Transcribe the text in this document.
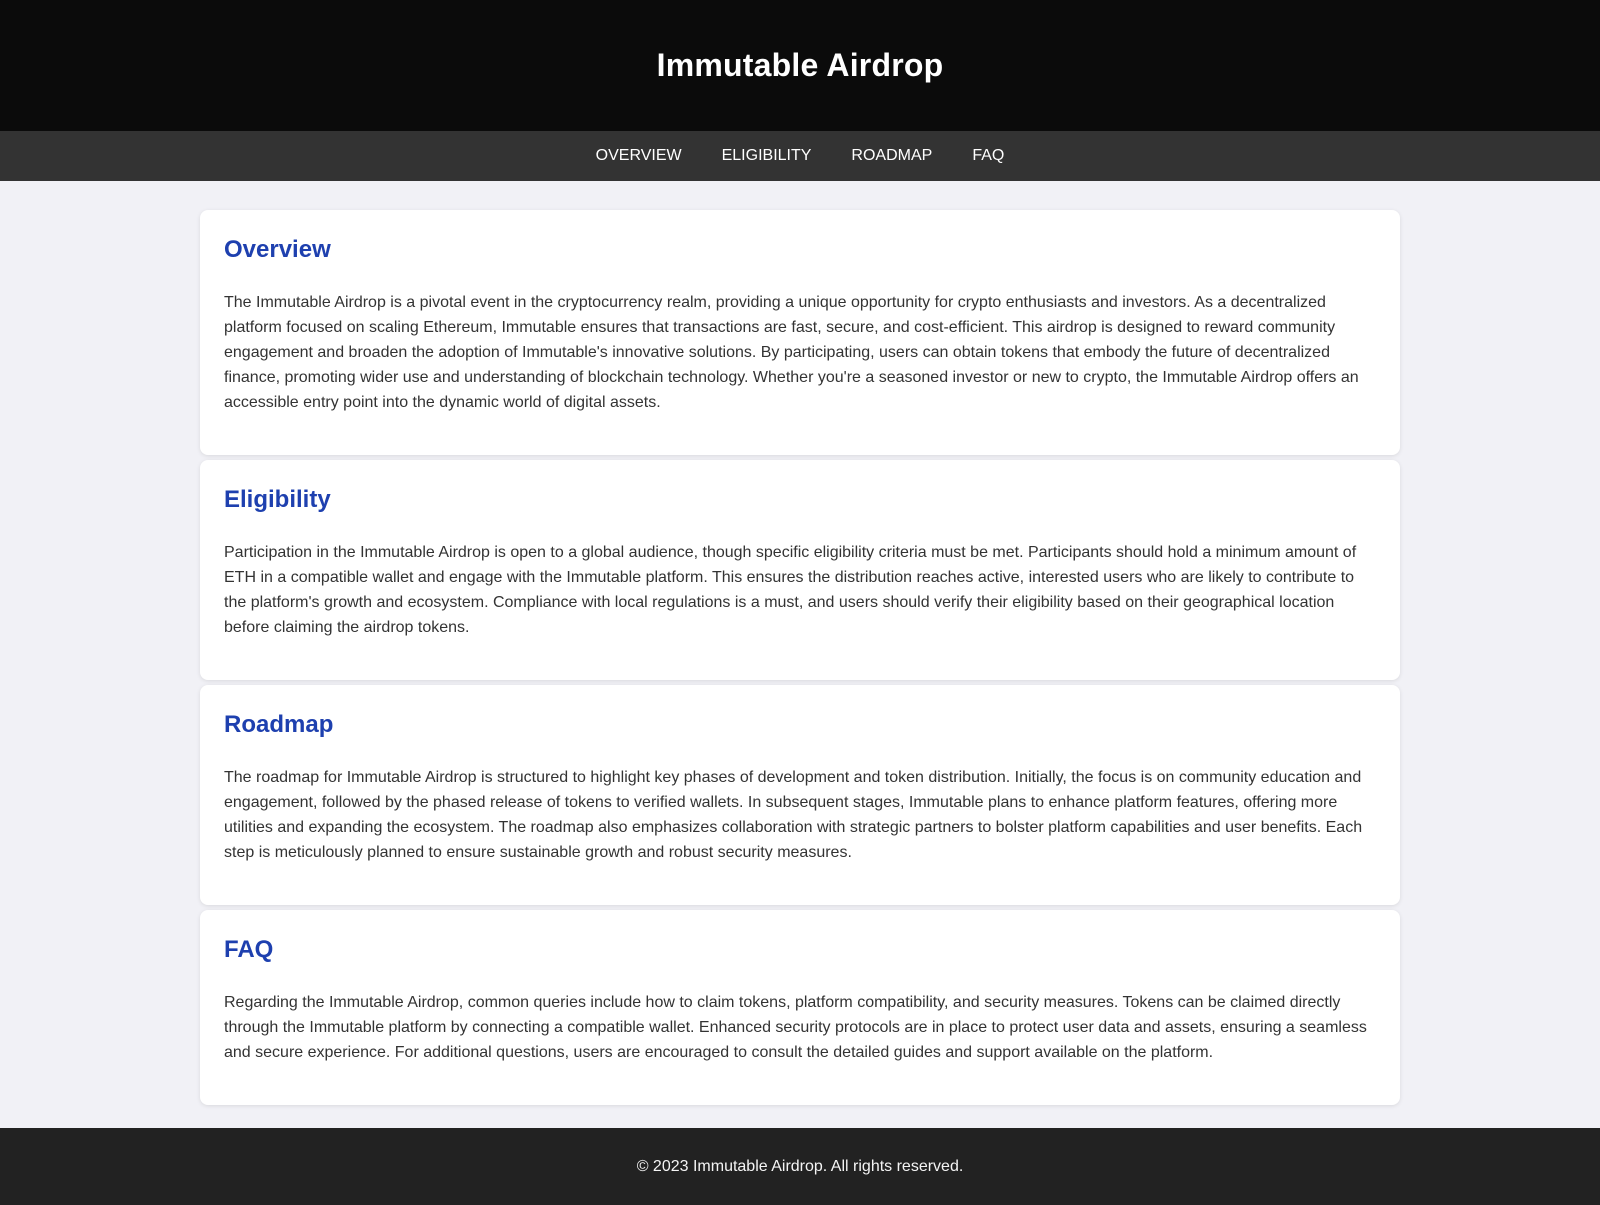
Immutable Airdrop
OVERVIEW	ELIGIBILITY	ROADMAP	FAQ
Overview

The Immutable Airdrop is a pivotal event in the cryptocurrency realm, providing a unique opportunity for crypto enthusiasts and investors. As a decentralized platform focused on scaling Ethereum, Immutable ensures that transactions are fast, secure, and cost-efficient. This airdrop is designed to reward community engagement and broaden the adoption of Immutable's innovative solutions. By participating, users can obtain tokens that embody the future of decentralized finance, promoting wider use and understanding of blockchain technology. Whether you're a seasoned investor or new to crypto, the Immutable Airdrop offers an accessible entry point into the dynamic world of digital assets.

Eligibility

Participation in the Immutable Airdrop is open to a global audience, though specific eligibility criteria must be met. Participants should hold a minimum amount of ETH in a compatible wallet and engage with the Immutable platform. This ensures the distribution reaches active, interested users who are likely to contribute to the platform's growth and ecosystem. Compliance with local regulations is a must, and users should verify their eligibility based on their geographical location before claiming the airdrop tokens.

Roadmap

The roadmap for Immutable Airdrop is structured to highlight key phases of development and token distribution. Initially, the focus is on community education and engagement, followed by the phased release of tokens to verified wallets. In subsequent stages, Immutable plans to enhance platform features, offering more utilities and expanding the ecosystem. The roadmap also emphasizes collaboration with strategic partners to bolster platform capabilities and user benefits. Each step is meticulously planned to ensure sustainable growth and robust security measures.

FAQ

Regarding the Immutable Airdrop, common queries include how to claim tokens, platform compatibility, and security measures. Tokens can be claimed directly through the Immutable platform by connecting a compatible wallet. Enhanced security protocols are in place to protect user data and assets, ensuring a seamless and secure experience. For additional questions, users are encouraged to consult the detailed guides and support available on the platform.

© 2023 Immutable Airdrop. All rights reserved.
